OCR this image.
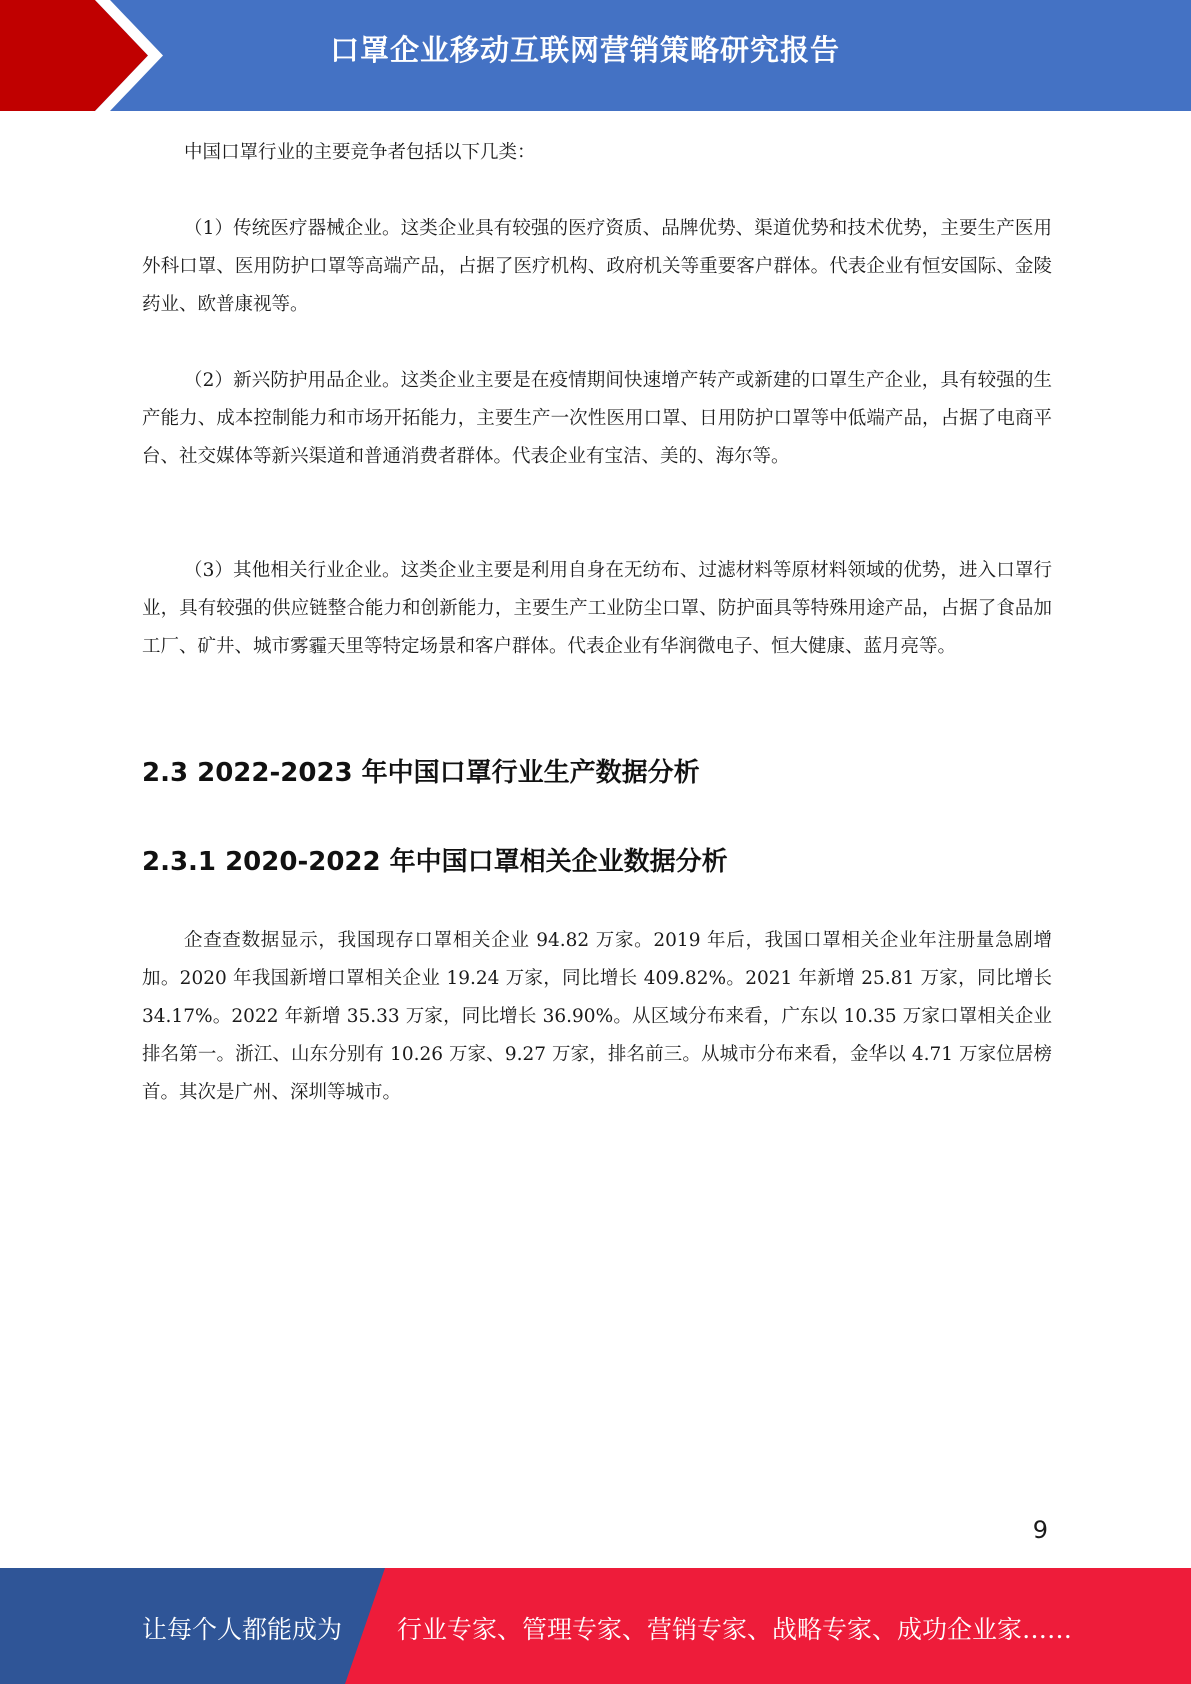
口罩企业移动互联网营销策略研究报告

中国口罩行业的主要竞争者包括以下几类：

（1）传统医疗器械企业。这类企业具有较强的医疗资质、品牌优势、渠道优势和技术优势，主要生产医用外科口罩、医用防护口罩等高端产品，占据了医疗机构、政府机关等重要客户群体。代表企业有恒安国际、金陵药业、欧普康视等。

（2）新兴防护用品企业。这类企业主要是在疫情期间快速增产转产或新建的口罩生产企业，具有较强的生产能力、成本控制能力和市场开拓能力，主要生产一次性医用口罩、日用防护口罩等中低端产品，占据了电商平台、社交媒体等新兴渠道和普通消费者群体。代表企业有宝洁、美的、海尔等。

（3）其他相关行业企业。这类企业主要是利用自身在无纺布、过滤材料等原材料领域的优势，进入口罩行业，具有较强的供应链整合能力和创新能力，主要生产工业防尘口罩、防护面具等特殊用途产品，占据了食品加工厂、矿井、城市雾霾天里等特定场景和客户群体。代表企业有华润微电子、恒大健康、蓝月亮等。

2.3 2022-2023 年中国口罩行业生产数据分析
2.3.1 2020-2022 年中国口罩相关企业数据分析

企查查数据显示，我国现存口罩相关企业 94.82 万家。2019 年后，我国口罩相关企业年注册量急剧增加。2020 年我国新增口罩相关企业 19.24 万家，同比增长 409.82%。2021 年新增 25.81 万家，同比增长 34.17%。2022 年新增 35.33 万家，同比增长 36.90%。从区域分布来看，广东以 10.35 万家口罩相关企业排名第一。浙江、山东分别有 10.26 万家、9.27 万家，排名前三。从城市分布来看，金华以 4.71 万家位居榜首。其次是广州、深圳等城市。

9
让每个人都能成为 行业专家、管理专家、营销专家、战略专家、成功企业家……
